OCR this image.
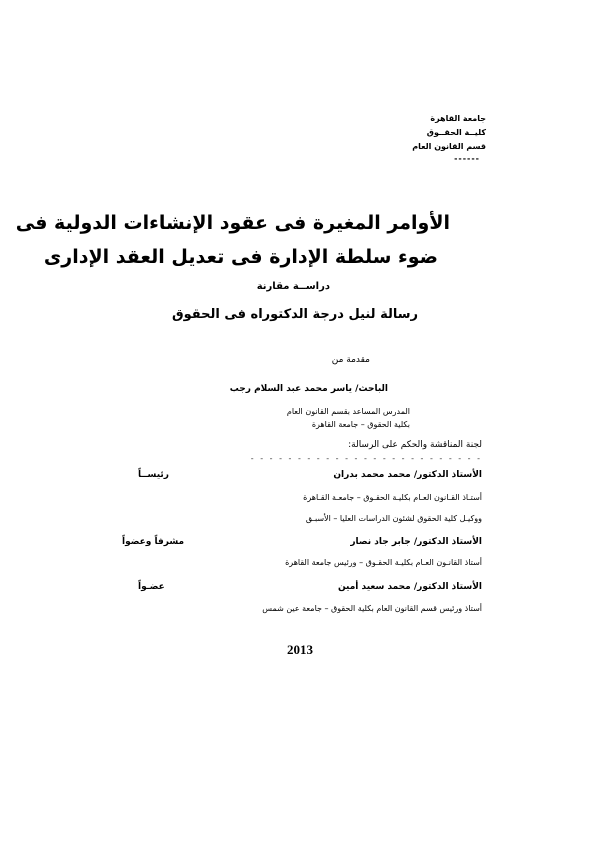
جامعة القاهرة
كليــة الحقــوق
قسم القانون العام
------
الأوامر المغيرة فى عقود الإنشاءات الدولية فى
ضوء سلطة الإدارة فى تعديل العقد الإدارى
دراســة مقارنة
رسالة لنيل درجة الدكتوراه فى الحقوق
مقدمة من
الباحث/ ياسر محمد عبد السلام رجب
المدرس المساعد بقسم القانون العام
بكلية الحقوق – جامعة القاهرة
لجنة المناقشة والحكم على الرسالة:
- - - - - - - - - - - - - - - - - - - - - - - - -
الأستاذ الدكتور/ محمد محمد بدران
رئيســاً
أستـاذ القـانون العـام بكليـة الحقـوق – جامعـة القـاهرة
ووكيـل كلية الحقوق لشئون الدراسات العليا – الأسبـق
الأستاذ الدكتور/ جابر جاد نصار
مشرفاً وعضواً
أستاذ القانـون العـام بكليـة الحقـوق – ورئيس جامعة القاهرة
الأستاذ الدكتور/ محمد سعيد أمين
عضـواً
أستاذ ورئيس قسم القانون العام بكلية الحقوق – جامعة عين شمس
2013
